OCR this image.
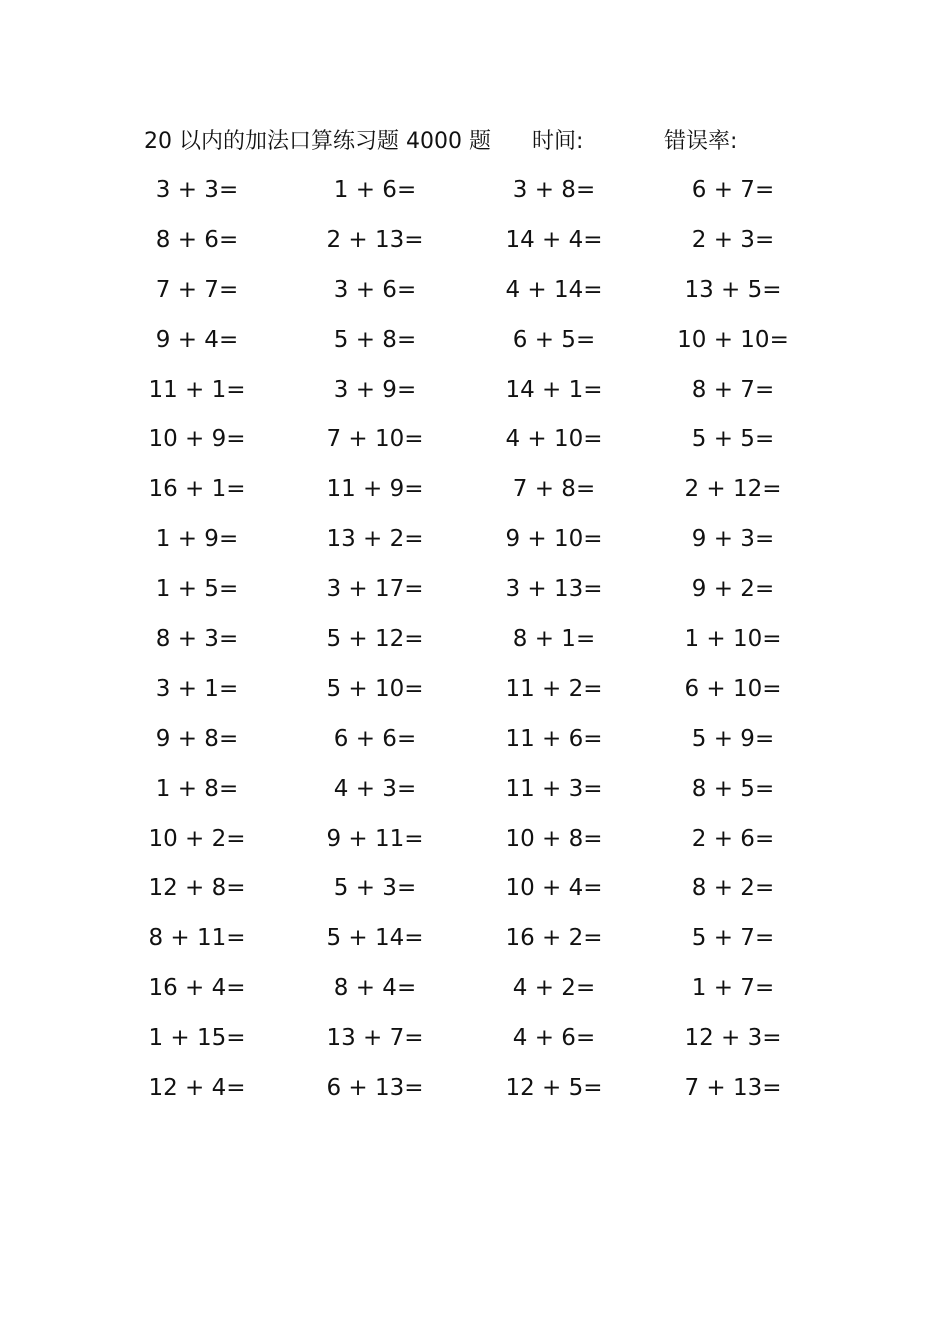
20 以内的加法口算练习题 4000 题 时间:	错误率:
3 + 3=	1 + 6=	3 + 8=	6 + 7=
8 + 6=	2 + 13=	14 + 4=	2 + 3=
7 + 7=	3 + 6=	4 + 14=	13 + 5=
9 + 4=	5 + 8=	6 + 5=	10 + 10=
11 + 1=	3 + 9=	14 + 1=	8 + 7=
10 + 9=	7 + 10=	4 + 10=	5 + 5=
16 + 1=	11 + 9=	7 + 8=	2 + 12=
1 + 9=	13 + 2=	9 + 10=	9 + 3=
1 + 5=	3 + 17=	3 + 13=	9 + 2=
8 + 3=	5 + 12=	8 + 1=	1 + 10=
3 + 1=	5 + 10=	11 + 2=	6 + 10=
9 + 8=	6 + 6=	11 + 6=	5 + 9=
1 + 8=	4 + 3=	11 + 3=	8 + 5=
10 + 2=	9 + 11=	10 + 8=	2 + 6=
12 + 8=	5 + 3=	10 + 4=	8 + 2=
8 + 11=	5 + 14=	16 + 2=	5 + 7=
16 + 4=	8 + 4=	4 + 2=	1 + 7=
1 + 15=	13 + 7=	4 + 6=	12 + 3=
12 + 4=	6 + 13=	12 + 5=	7 + 13=
